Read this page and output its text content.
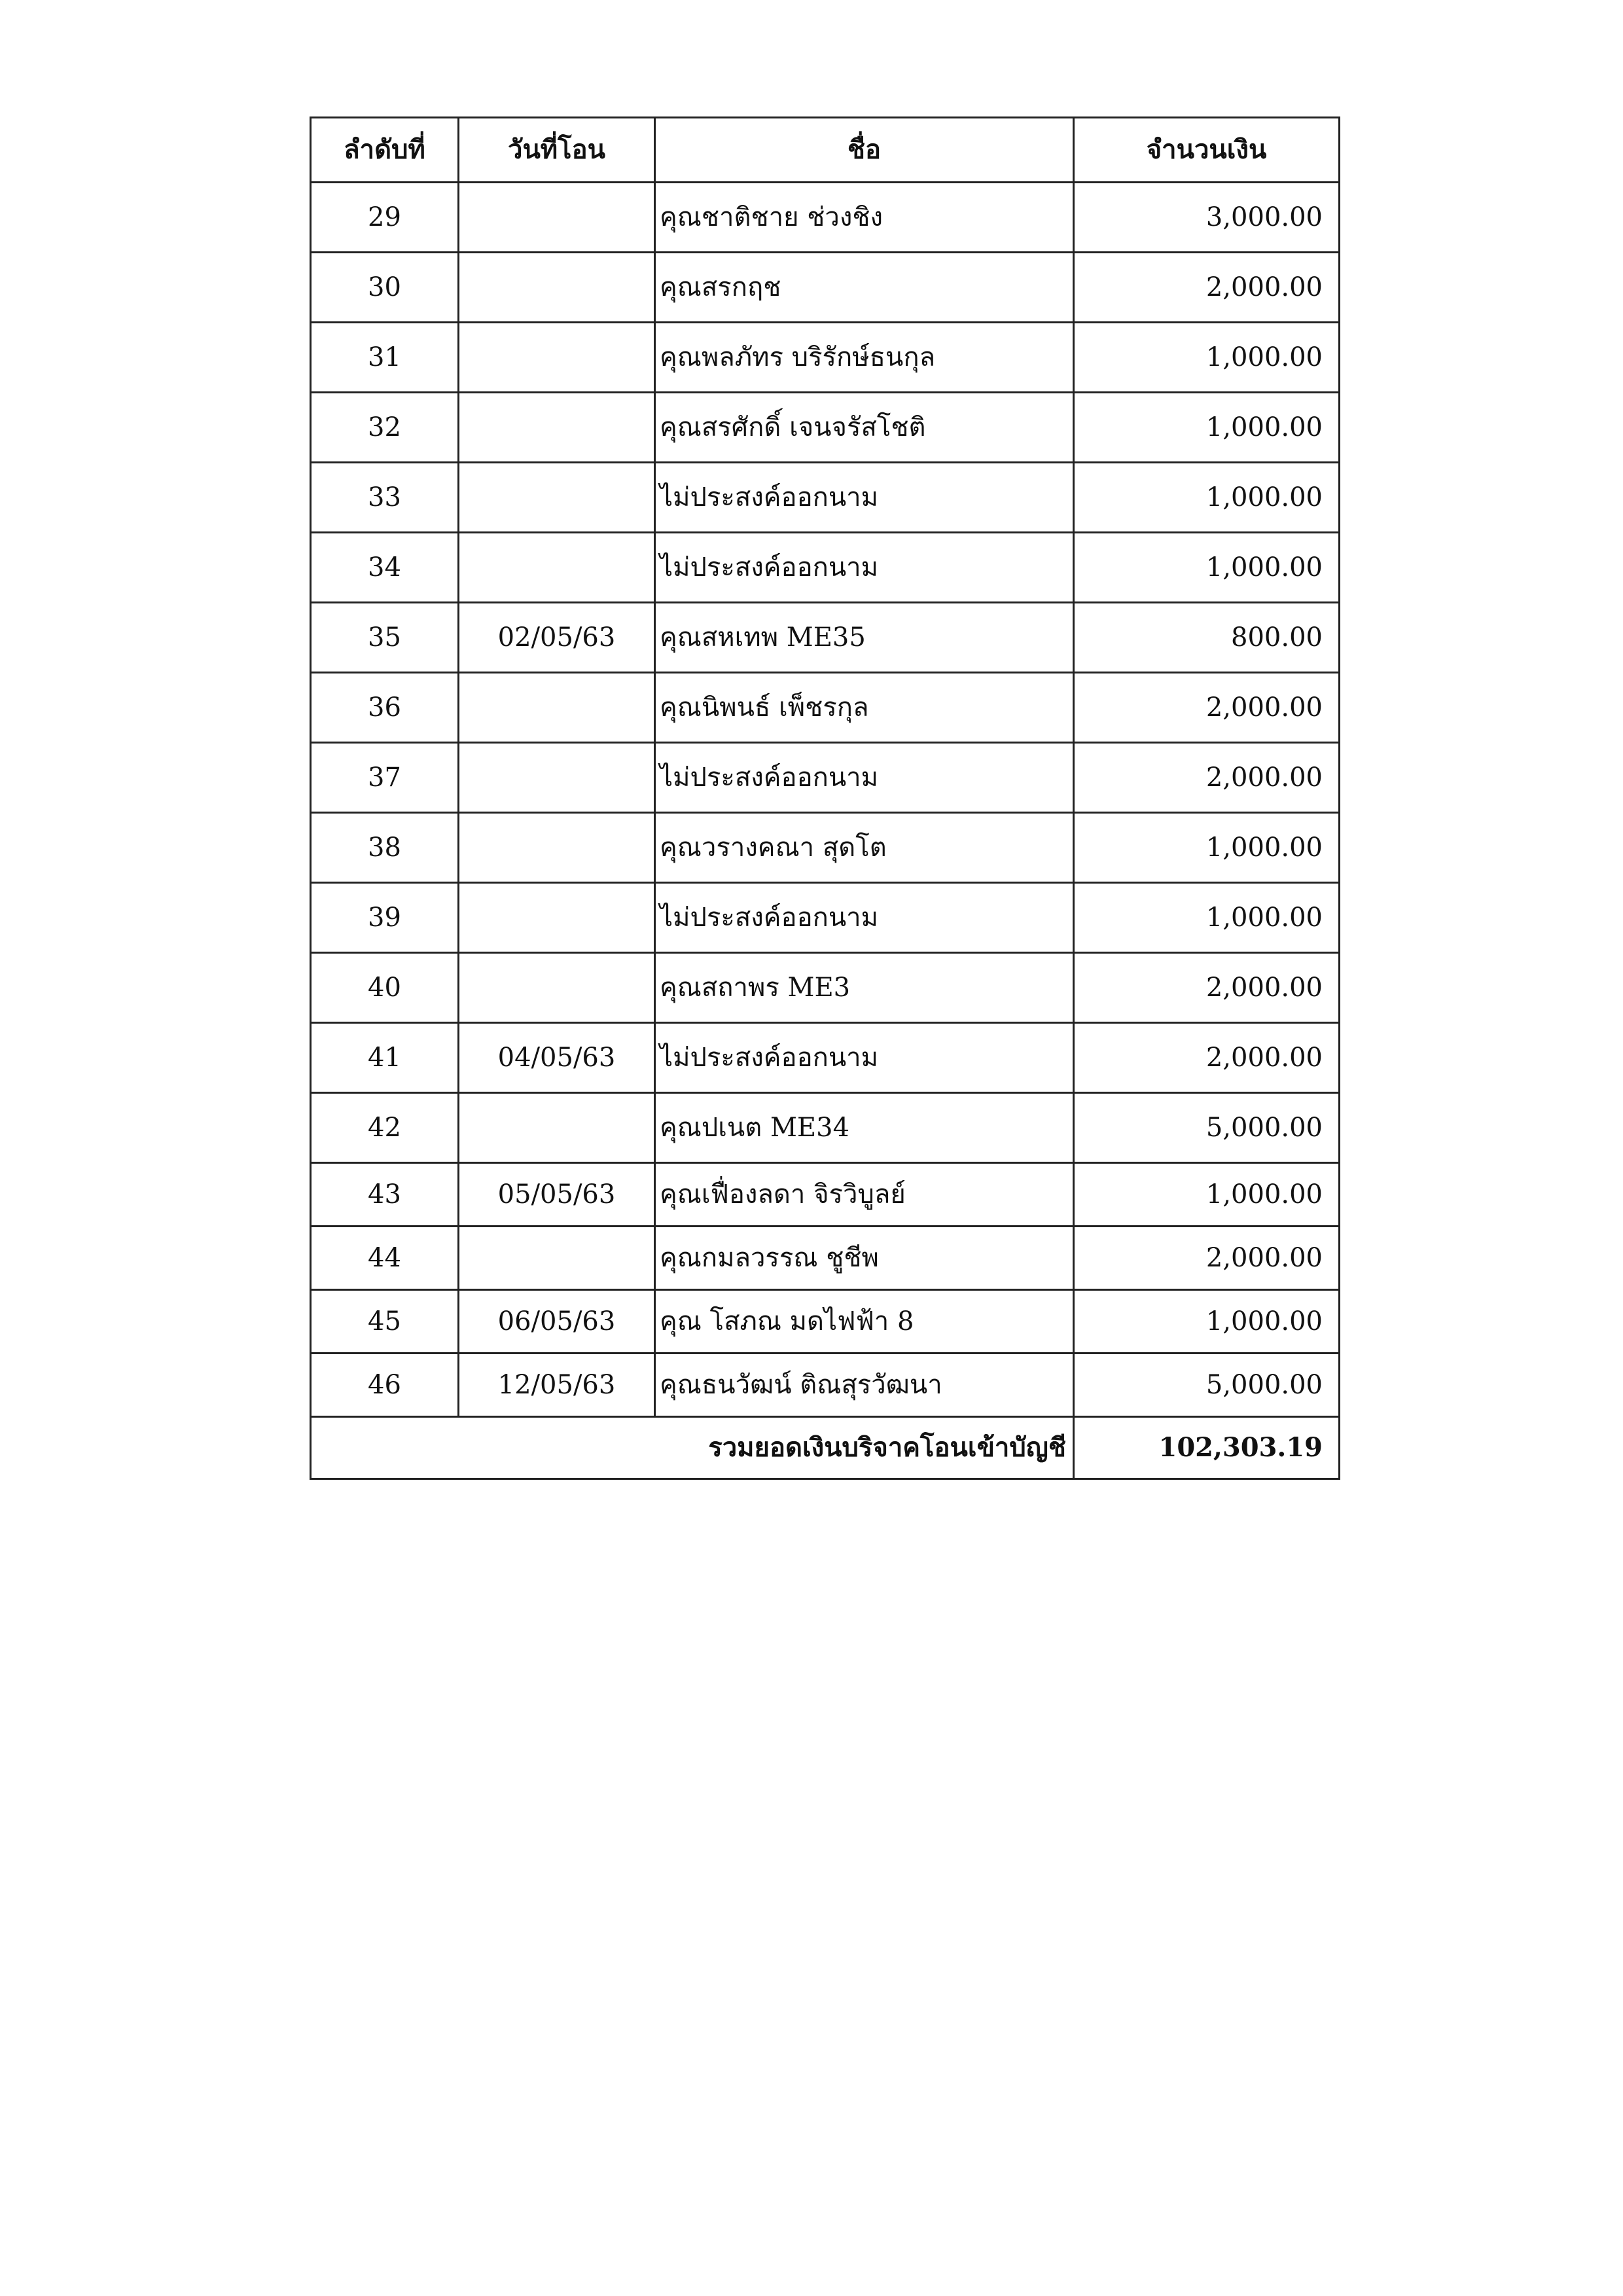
ลำดับที่	วันที่โอน	ชื่อ	จำนวนเงิน
29		คุณชาติชาย ช่วงชิง	3,000.00
30		คุณสรกฤช	2,000.00
31		คุณพลภัทร บริรักษ์ธนกุล	1,000.00
32		คุณสรศักดิ์ เจนจรัสโชติ	1,000.00
33		ไม่ประสงค์ออกนาม	1,000.00
34		ไม่ประสงค์ออกนาม	1,000.00
35	02/05/63	คุณสหเทพ ME35	800.00
36		คุณนิพนธ์ เพ็ชรกุล	2,000.00
37		ไม่ประสงค์ออกนาม	2,000.00
38		คุณวรางคณา สุดโต	1,000.00
39		ไม่ประสงค์ออกนาม	1,000.00
40		คุณสถาพร ME3	2,000.00
41	04/05/63	ไม่ประสงค์ออกนาม	2,000.00
42		คุณปเนต ME34	5,000.00
43	05/05/63	คุณเฟื่องลดา จิรวิบูลย์	1,000.00
44		คุณกมลวรรณ ชูชีพ	2,000.00
45	06/05/63	คุณ โสภณ มดไฟฟ้า 8	1,000.00
46	12/05/63	คุณธนวัฒน์ ติณสุรวัฒนา	5,000.00
รวมยอดเงินบริจาคโอนเข้าบัญชี			102,303.19
